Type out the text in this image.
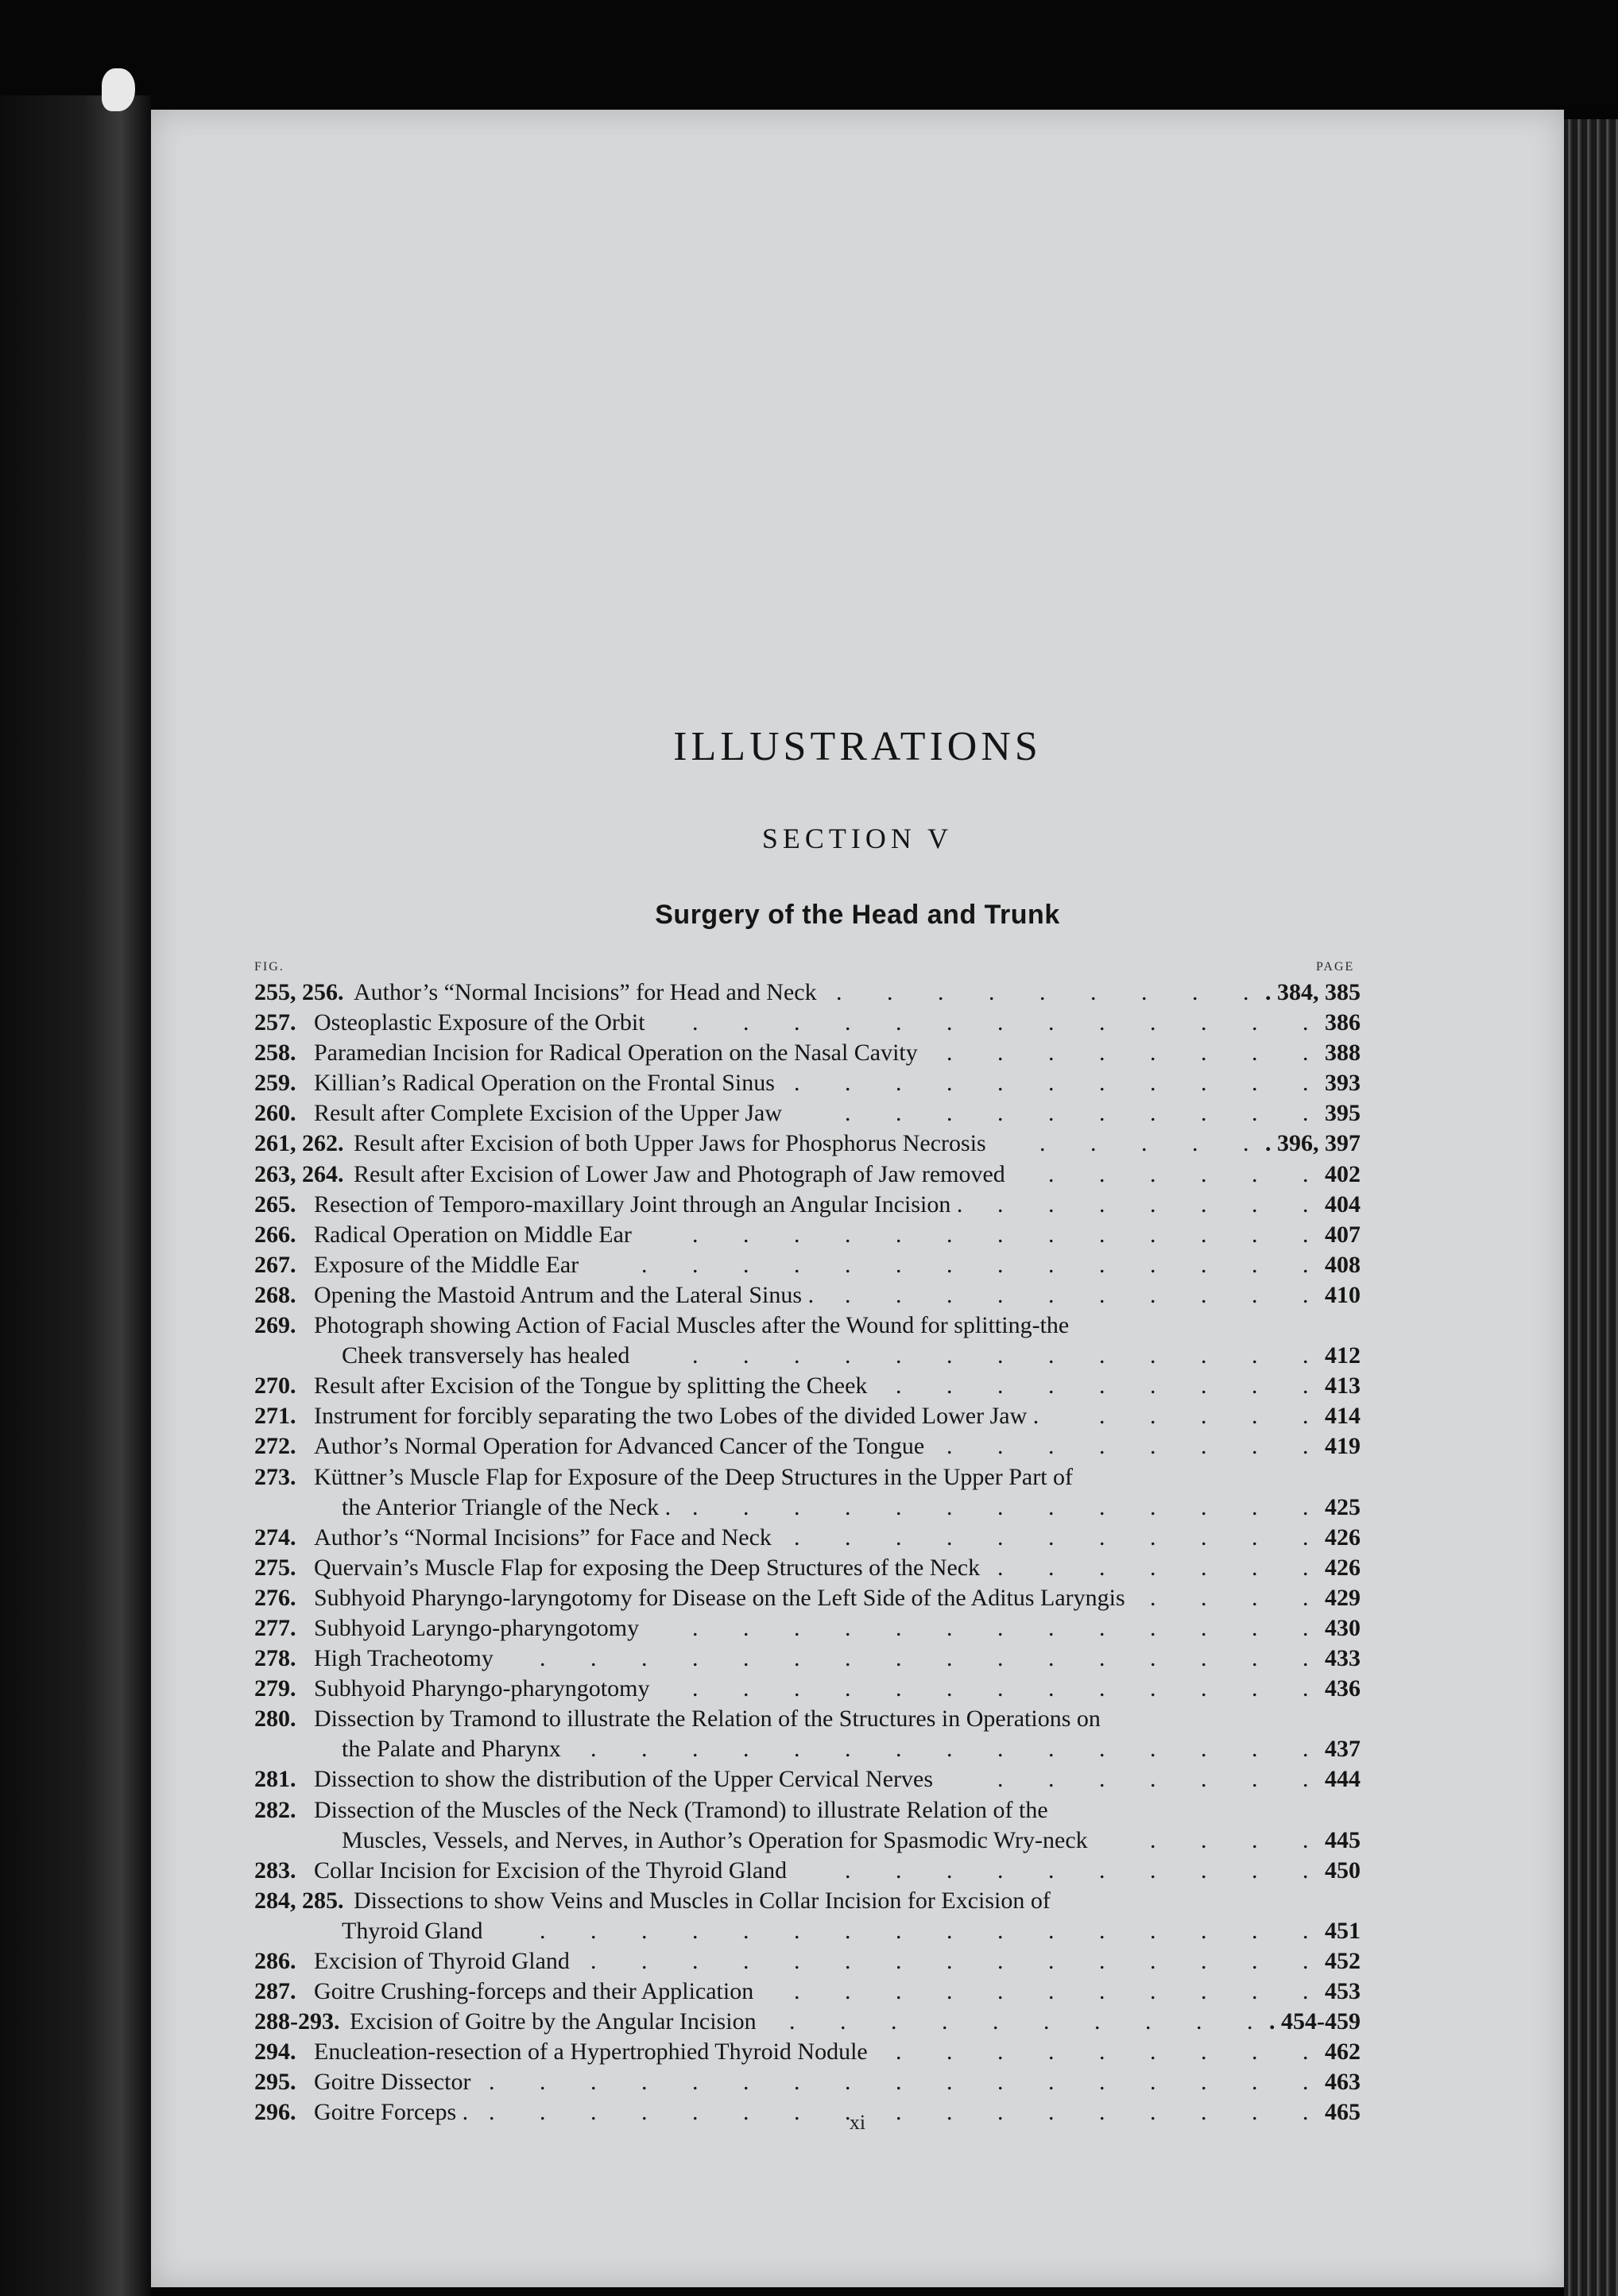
ILLUSTRATIONS
SECTION V
Surgery of the Head and Trunk
FIG.	PAGE
255, 256. Author’s “Normal Incisions” for Head and Neck	. 384, 385
.
.
.
.
.
.
.
.
.
257. Osteoplastic Exposure of the Orbit	386
.
.
.
.
.
.
.
.
.
.
.
.
.
258. Paramedian Incision for Radical Operation on the Nasal Cavity	388
.
.
.
.
.
.
.
.
259. Killian’s Radical Operation on the Frontal Sinus	393
.
.
.
.
.
.
.
.
.
.
.
260. Result after Complete Excision of the Upper Jaw	395
.
.
.
.
.
.
.
.
.
.
261, 262. Result after Excision of both Upper Jaws for Phosphorus Necrosis	. 396, 397
.
.
.
.
.
263, 264. Result after Excision of Lower Jaw and Photograph of Jaw removed	402
.
.
.
.
.
.
265. Resection of Temporo-maxillary Joint through an Angular Incision .	404
.
.
.
.
.
.
.
266. Radical Operation on Middle Ear	407
.
.
.
.
.
.
.
.
.
.
.
.
.
267. Exposure of the Middle Ear	408
.
.
.
.
.
.
.
.
.
.
.
.
.
.
268. Opening the Mastoid Antrum and the Lateral Sinus .	410
.
.
.
.
.
.
.
.
.
.
269. Photograph showing Action of Facial Muscles after the Wound for splitting-the
Cheek transversely has healed	412
.
.
.
.
.
.
.
.
.
.
.
.
.
270. Result after Excision of the Tongue by splitting the Cheek	413
.
.
.
.
.
.
.
.
.
271. Instrument for forcibly separating the two Lobes of the divided Lower Jaw .	414
.
.
.
.
.
272. Author’s Normal Operation for Advanced Cancer of the Tongue	419
.
.
.
.
.
.
.
.
273. Küttner’s Muscle Flap for Exposure of the Deep Structures in the Upper Part of
the Anterior Triangle of the Neck .	425
.
.
.
.
.
.
.
.
.
.
.
.
.
274. Author’s “Normal Incisions” for Face and Neck	426
.
.
.
.
.
.
.
.
.
.
.
275. Quervain’s Muscle Flap for exposing the Deep Structures of the Neck	426
.
.
.
.
.
.
.
276. Subhyoid Pharyngo-laryngotomy for Disease on the Left Side of the Aditus Laryngis	429
.
.
.
.
277. Subhyoid Laryngo-pharyngotomy	430
.
.
.
.
.
.
.
.
.
.
.
.
.
278. High Tracheotomy	433
.
.
.
.
.
.
.
.
.
.
.
.
.
.
.
.
279. Subhyoid Pharyngo-pharyngotomy	436
.
.
.
.
.
.
.
.
.
.
.
.
.
280. Dissection by Tramond to illustrate the Relation of the Structures in Operations on
the Palate and Pharynx	437
.
.
.
.
.
.
.
.
.
.
.
.
.
.
.
281. Dissection to show the distribution of the Upper Cervical Nerves	444
.
.
.
.
.
.
.
282. Dissection of the Muscles of the Neck (Tramond) to illustrate Relation of the
Muscles, Vessels, and Nerves, in Author’s Operation for Spasmodic Wry-neck	445
.
.
.
.
283. Collar Incision for Excision of the Thyroid Gland	450
.
.
.
.
.
.
.
.
.
.
284, 285. Dissections to show Veins and Muscles in Collar Incision for Excision of
Thyroid Gland	451
.
.
.
.
.
.
.
.
.
.
.
.
.
.
.
.
286. Excision of Thyroid Gland	452
.
.
.
.
.
.
.
.
.
.
.
.
.
.
.
287. Goitre Crushing-forceps and their Application	453
.
.
.
.
.
.
.
.
.
.
.
288-293. Excision of Goitre by the Angular Incision	. 454-459
.
.
.
.
.
.
.
.
.
.
294. Enucleation-resection of a Hypertrophied Thyroid Nodule	462
.
.
.
.
.
.
.
.
.
295. Goitre Dissector	463
.
.
.
.
.
.
.
.
.
.
.
.
.
.
.
.
.
296. Goitre Forceps .	465
.
.
.
.
.
.
.
.
.
.
.
.
.
.
.
.
.	xi
